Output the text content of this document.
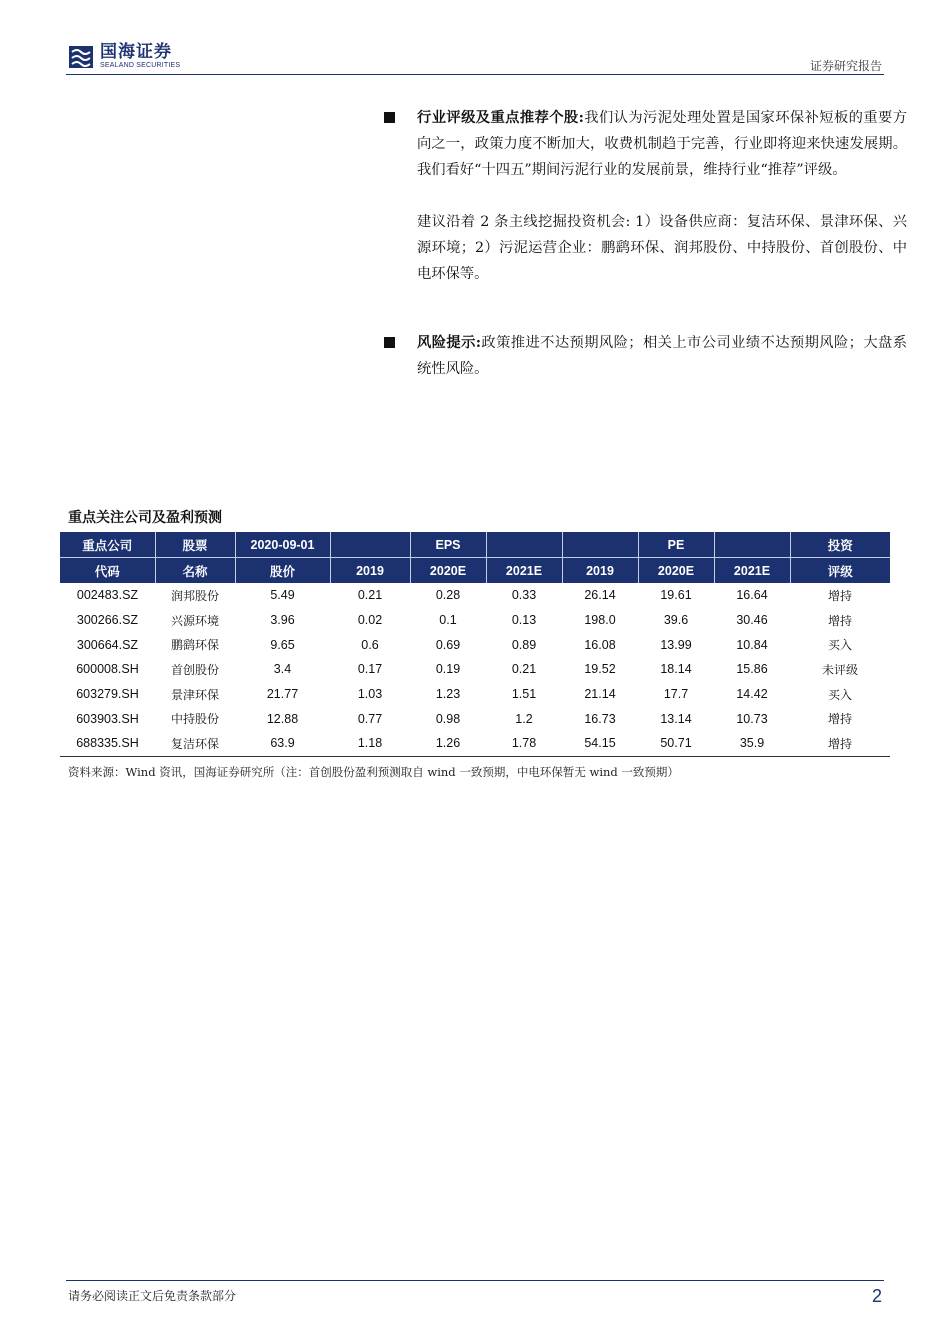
国海证券
SEALAND SECURITIES	证券研究报告
行业评级及重点推荐个股:我们认为污泥处理处置是国家环保补短板的重要方向之一，政策力度不断加大，收费机制趋于完善，行业即将迎来快速发展期。我们看好“十四五”期间污泥行业的发展前景，维持行业“推荐”评级。
建议沿着 2 条主线挖掘投资机会: 1）设备供应商：复洁环保、景津环保、兴源环境；2）污泥运营企业：鹏鹞环保、润邦股份、中持股份、首创股份、中电环保等。
风险提示:政策推进不达预期风险；相关上市公司业绩不达预期风险；大盘系统性风险。
重点关注公司及盈利预测
重点公司	股票	2020-09-01		EPS			PE		投资
代码	名称	股价	2019	2020E	2021E	2019	2020E	2021E	评级
002483.SZ	润邦股份	5.49	0.21	0.28	0.33	26.14	19.61	16.64	增持
300266.SZ	兴源环境	3.96	0.02	0.1	0.13	198.0	39.6	30.46	增持
300664.SZ	鹏鹞环保	9.65	0.6	0.69	0.89	16.08	13.99	10.84	买入
600008.SH	首创股份	3.4	0.17	0.19	0.21	19.52	18.14	15.86	未评级
603279.SH	景津环保	21.77	1.03	1.23	1.51	21.14	17.7	14.42	买入
603903.SH	中持股份	12.88	0.77	0.98	1.2	16.73	13.14	10.73	增持
688335.SH	复洁环保	63.9	1.18	1.26	1.78	54.15	50.71	35.9	增持
资料来源：Wind 资讯，国海证券研究所（注：首创股份盈利预测取自 wind 一致预期，中电环保暂无 wind 一致预期）
请务必阅读正文后免责条款部分	2
